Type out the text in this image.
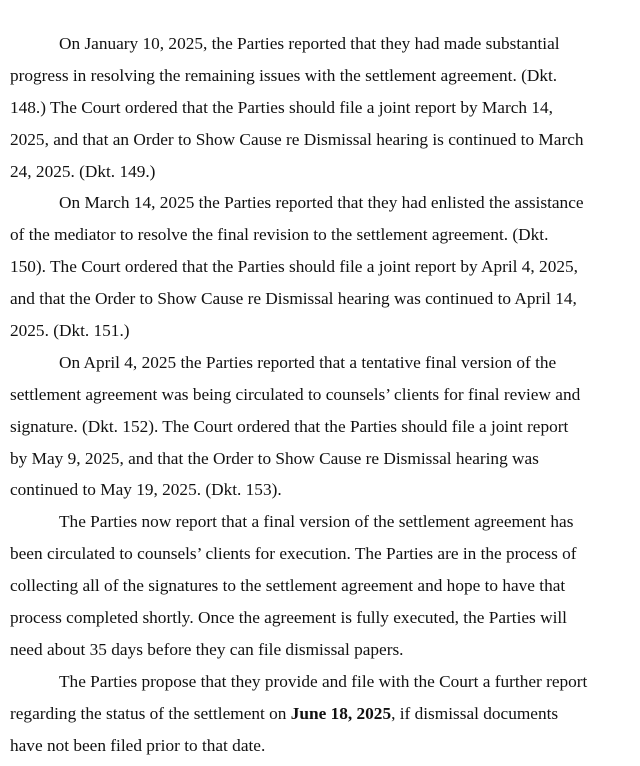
On January 10, 2025, the Parties reported that they had made substantial
progress in resolving the remaining issues with the settlement agreement. (Dkt.
148.) The Court ordered that the Parties should file a joint report by March 14,
2025, and that an Order to Show Cause re Dismissal hearing is continued to March
24, 2025. (Dkt. 149.)
On March 14, 2025 the Parties reported that they had enlisted the assistance
of the mediator to resolve the final revision to the settlement agreement. (Dkt.
150). The Court ordered that the Parties should file a joint report by April 4, 2025,
and that the Order to Show Cause re Dismissal hearing was continued to April 14,
2025. (Dkt. 151.)
On April 4, 2025 the Parties reported that a tentative final version of the
settlement agreement was being circulated to counsels’ clients for final review and
signature. (Dkt. 152). The Court ordered that the Parties should file a joint report
by May 9, 2025, and that the Order to Show Cause re Dismissal hearing was
continued to May 19, 2025. (Dkt. 153).
The Parties now report that a final version of the settlement agreement has
been circulated to counsels’ clients for execution. The Parties are in the process of
collecting all of the signatures to the settlement agreement and hope to have that
process completed shortly. Once the agreement is fully executed, the Parties will
need about 35 days before they can file dismissal papers.
The Parties propose that they provide and file with the Court a further report
regarding the status of the settlement on June 18, 2025, if dismissal documents
have not been filed prior to that date.
